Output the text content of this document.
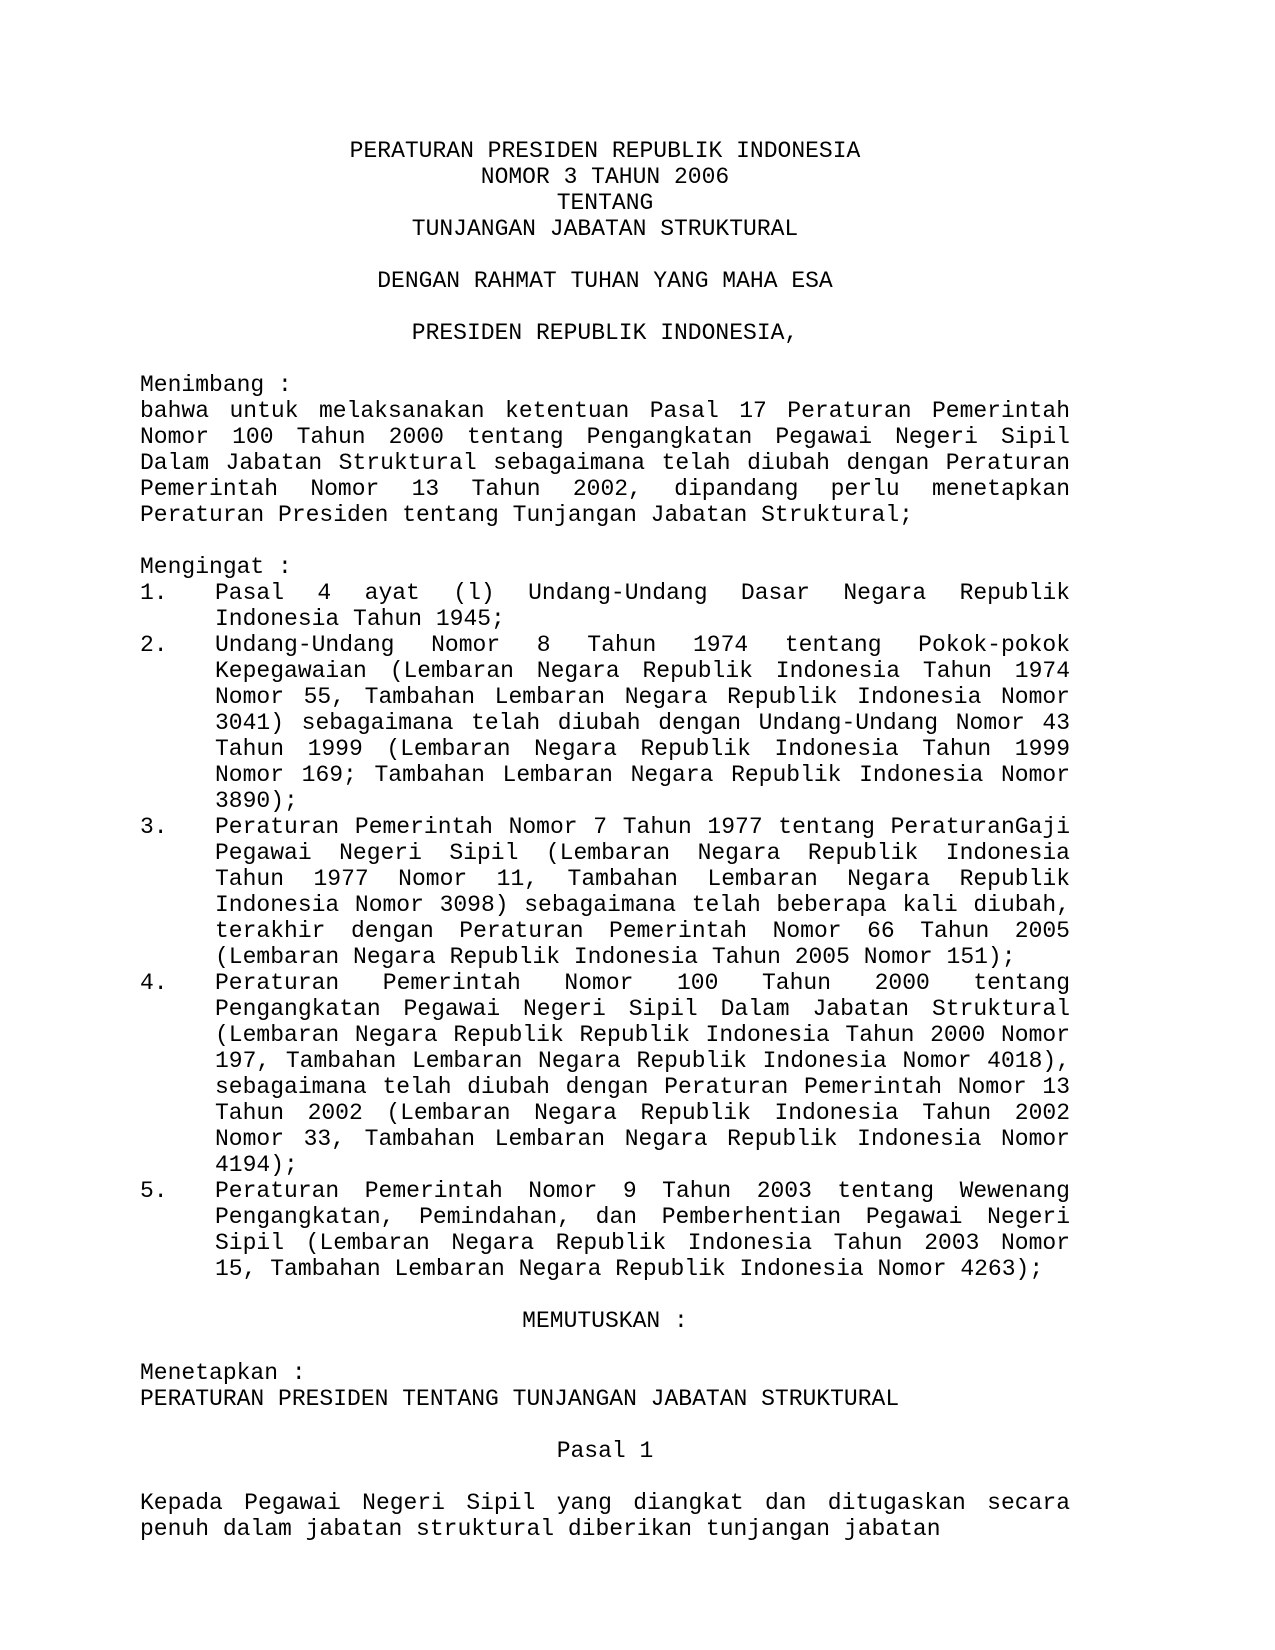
PERATURAN PRESIDEN REPUBLIK INDONESIA
NOMOR 3 TAHUN 2006
TENTANG
TUNJANGAN JABATAN STRUKTURAL
DENGAN RAHMAT TUHAN YANG MAHA ESA
PRESIDEN REPUBLIK INDONESIA,
Menimbang :

bahwa untuk melaksanakan ketentuan Pasal 17 Peraturan Pemerintah Nomor 100 Tahun 2000 tentang Pengangkatan Pegawai Negeri Sipil Dalam Jabatan Struktural sebagaimana telah diubah dengan Peraturan Pemerintah Nomor 13 Tahun 2002, dipandang perlu menetapkan Peraturan Presiden tentang Tunjangan Jabatan Struktural;

Mengingat :
1.	Pasal 4 ayat (l) Undang-Undang Dasar Negara Republik Indonesia Tahun 1945;
2.	Undang-Undang Nomor 8 Tahun 1974 tentang Pokok-pokok Kepegawaian (Lembaran Negara Republik Indonesia Tahun 1974 Nomor 55, Tambahan Lembaran Negara Republik Indonesia Nomor 3041) sebagaimana telah diubah dengan Undang-Undang Nomor 43 Tahun 1999 (Lembaran Negara Republik Indonesia Tahun 1999 Nomor 169; Tambahan Lembaran Negara Republik Indonesia Nomor 3890);
3.	Peraturan Pemerintah Nomor 7 Tahun 1977 tentang PeraturanGaji Pegawai Negeri Sipil (Lembaran Negara Republik Indonesia Tahun 1977 Nomor 11, Tambahan Lembaran Negara Republik Indonesia Nomor 3098) sebagaimana telah beberapa kali diubah, terakhir dengan Peraturan Pemerintah Nomor 66 Tahun 2005 (Lembaran Negara Republik Indonesia Tahun 2005 Nomor 151);
4.	Peraturan Pemerintah Nomor 100 Tahun 2000 tentang Pengangkatan Pegawai Negeri Sipil Dalam Jabatan Struktural (Lembaran Negara Republik Republik Indonesia Tahun 2000 Nomor 197, Tambahan Lembaran Negara Republik Indonesia Nomor 4018), sebagaimana telah diubah dengan Peraturan Pemerintah Nomor 13 Tahun 2002 (Lembaran Negara Republik Indonesia Tahun 2002 Nomor 33, Tambahan Lembaran Negara Republik Indonesia Nomor 4194);
5.	Peraturan Pemerintah Nomor 9 Tahun 2003 tentang Wewenang Pengangkatan, Pemindahan, dan Pemberhentian Pegawai Negeri Sipil (Lembaran Negara Republik Indonesia Tahun 2003 Nomor 15, Tambahan Lembaran Negara Republik Indonesia Nomor 4263);
MEMUTUSKAN :
Menetapkan :
PERATURAN PRESIDEN TENTANG TUNJANGAN JABATAN STRUKTURAL
Pasal 1

Kepada Pegawai Negeri Sipil yang diangkat dan ditugaskan secara penuh dalam jabatan struktural diberikan tunjangan jabatan
